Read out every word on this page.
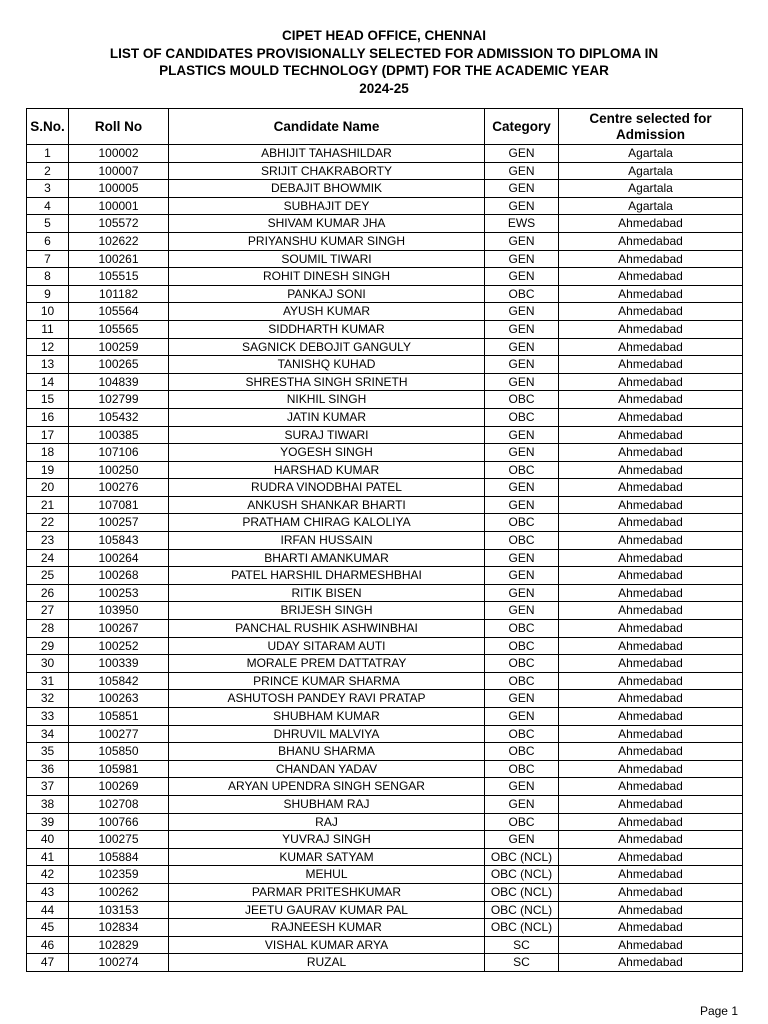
CIPET HEAD OFFICE, CHENNAI
LIST OF CANDIDATES PROVISIONALLY SELECTED FOR ADMISSION TO DIPLOMA IN
PLASTICS MOULD TECHNOLOGY (DPMT) FOR THE ACADEMIC YEAR
2024-25
S.No.	Roll No	Candidate Name	Category	Centre selected for Admission
1	100002	ABHIJIT TAHASHILDAR	GEN	Agartala
2	100007	SRIJIT CHAKRABORTY	GEN	Agartala
3	100005	DEBAJIT BHOWMIK	GEN	Agartala
4	100001	SUBHAJIT DEY	GEN	Agartala
5	105572	SHIVAM KUMAR JHA	EWS	Ahmedabad
6	102622	PRIYANSHU KUMAR SINGH	GEN	Ahmedabad
7	100261	SOUMIL TIWARI	GEN	Ahmedabad
8	105515	ROHIT DINESH SINGH	GEN	Ahmedabad
9	101182	PANKAJ SONI	OBC	Ahmedabad
10	105564	AYUSH KUMAR	GEN	Ahmedabad
11	105565	SIDDHARTH KUMAR	GEN	Ahmedabad
12	100259	SAGNICK DEBOJIT GANGULY	GEN	Ahmedabad
13	100265	TANISHQ KUHAD	GEN	Ahmedabad
14	104839	SHRESTHA SINGH SRINETH	GEN	Ahmedabad
15	102799	NIKHIL SINGH	OBC	Ahmedabad
16	105432	JATIN KUMAR	OBC	Ahmedabad
17	100385	SURAJ TIWARI	GEN	Ahmedabad
18	107106	YOGESH SINGH	GEN	Ahmedabad
19	100250	HARSHAD KUMAR	OBC	Ahmedabad
20	100276	RUDRA VINODBHAI PATEL	GEN	Ahmedabad
21	107081	ANKUSH SHANKAR BHARTI	GEN	Ahmedabad
22	100257	PRATHAM CHIRAG KALOLIYA	OBC	Ahmedabad
23	105843	IRFAN HUSSAIN	OBC	Ahmedabad
24	100264	BHARTI AMANKUMAR	GEN	Ahmedabad
25	100268	PATEL HARSHIL DHARMESHBHAI	GEN	Ahmedabad
26	100253	RITIK BISEN	GEN	Ahmedabad
27	103950	BRIJESH SINGH	GEN	Ahmedabad
28	100267	PANCHAL RUSHIK ASHWINBHAI	OBC	Ahmedabad
29	100252	UDAY SITARAM AUTI	OBC	Ahmedabad
30	100339	MORALE PREM DATTATRAY	OBC	Ahmedabad
31	105842	PRINCE KUMAR SHARMA	OBC	Ahmedabad
32	100263	ASHUTOSH PANDEY RAVI PRATAP	GEN	Ahmedabad
33	105851	SHUBHAM KUMAR	GEN	Ahmedabad
34	100277	DHRUVIL MALVIYA	OBC	Ahmedabad
35	105850	BHANU SHARMA	OBC	Ahmedabad
36	105981	CHANDAN YADAV	OBC	Ahmedabad
37	100269	ARYAN UPENDRA SINGH SENGAR	GEN	Ahmedabad
38	102708	SHUBHAM RAJ	GEN	Ahmedabad
39	100766	RAJ	OBC	Ahmedabad
40	100275	YUVRAJ SINGH	GEN	Ahmedabad
41	105884	KUMAR SATYAM	OBC (NCL)	Ahmedabad
42	102359	MEHUL	OBC (NCL)	Ahmedabad
43	100262	PARMAR PRITESHKUMAR	OBC (NCL)	Ahmedabad
44	103153	JEETU GAURAV KUMAR PAL	OBC (NCL)	Ahmedabad
45	102834	RAJNEESH KUMAR	OBC (NCL)	Ahmedabad
46	102829	VISHAL KUMAR ARYA	SC	Ahmedabad
47	100274	RUZAL	SC	Ahmedabad
Page 1
